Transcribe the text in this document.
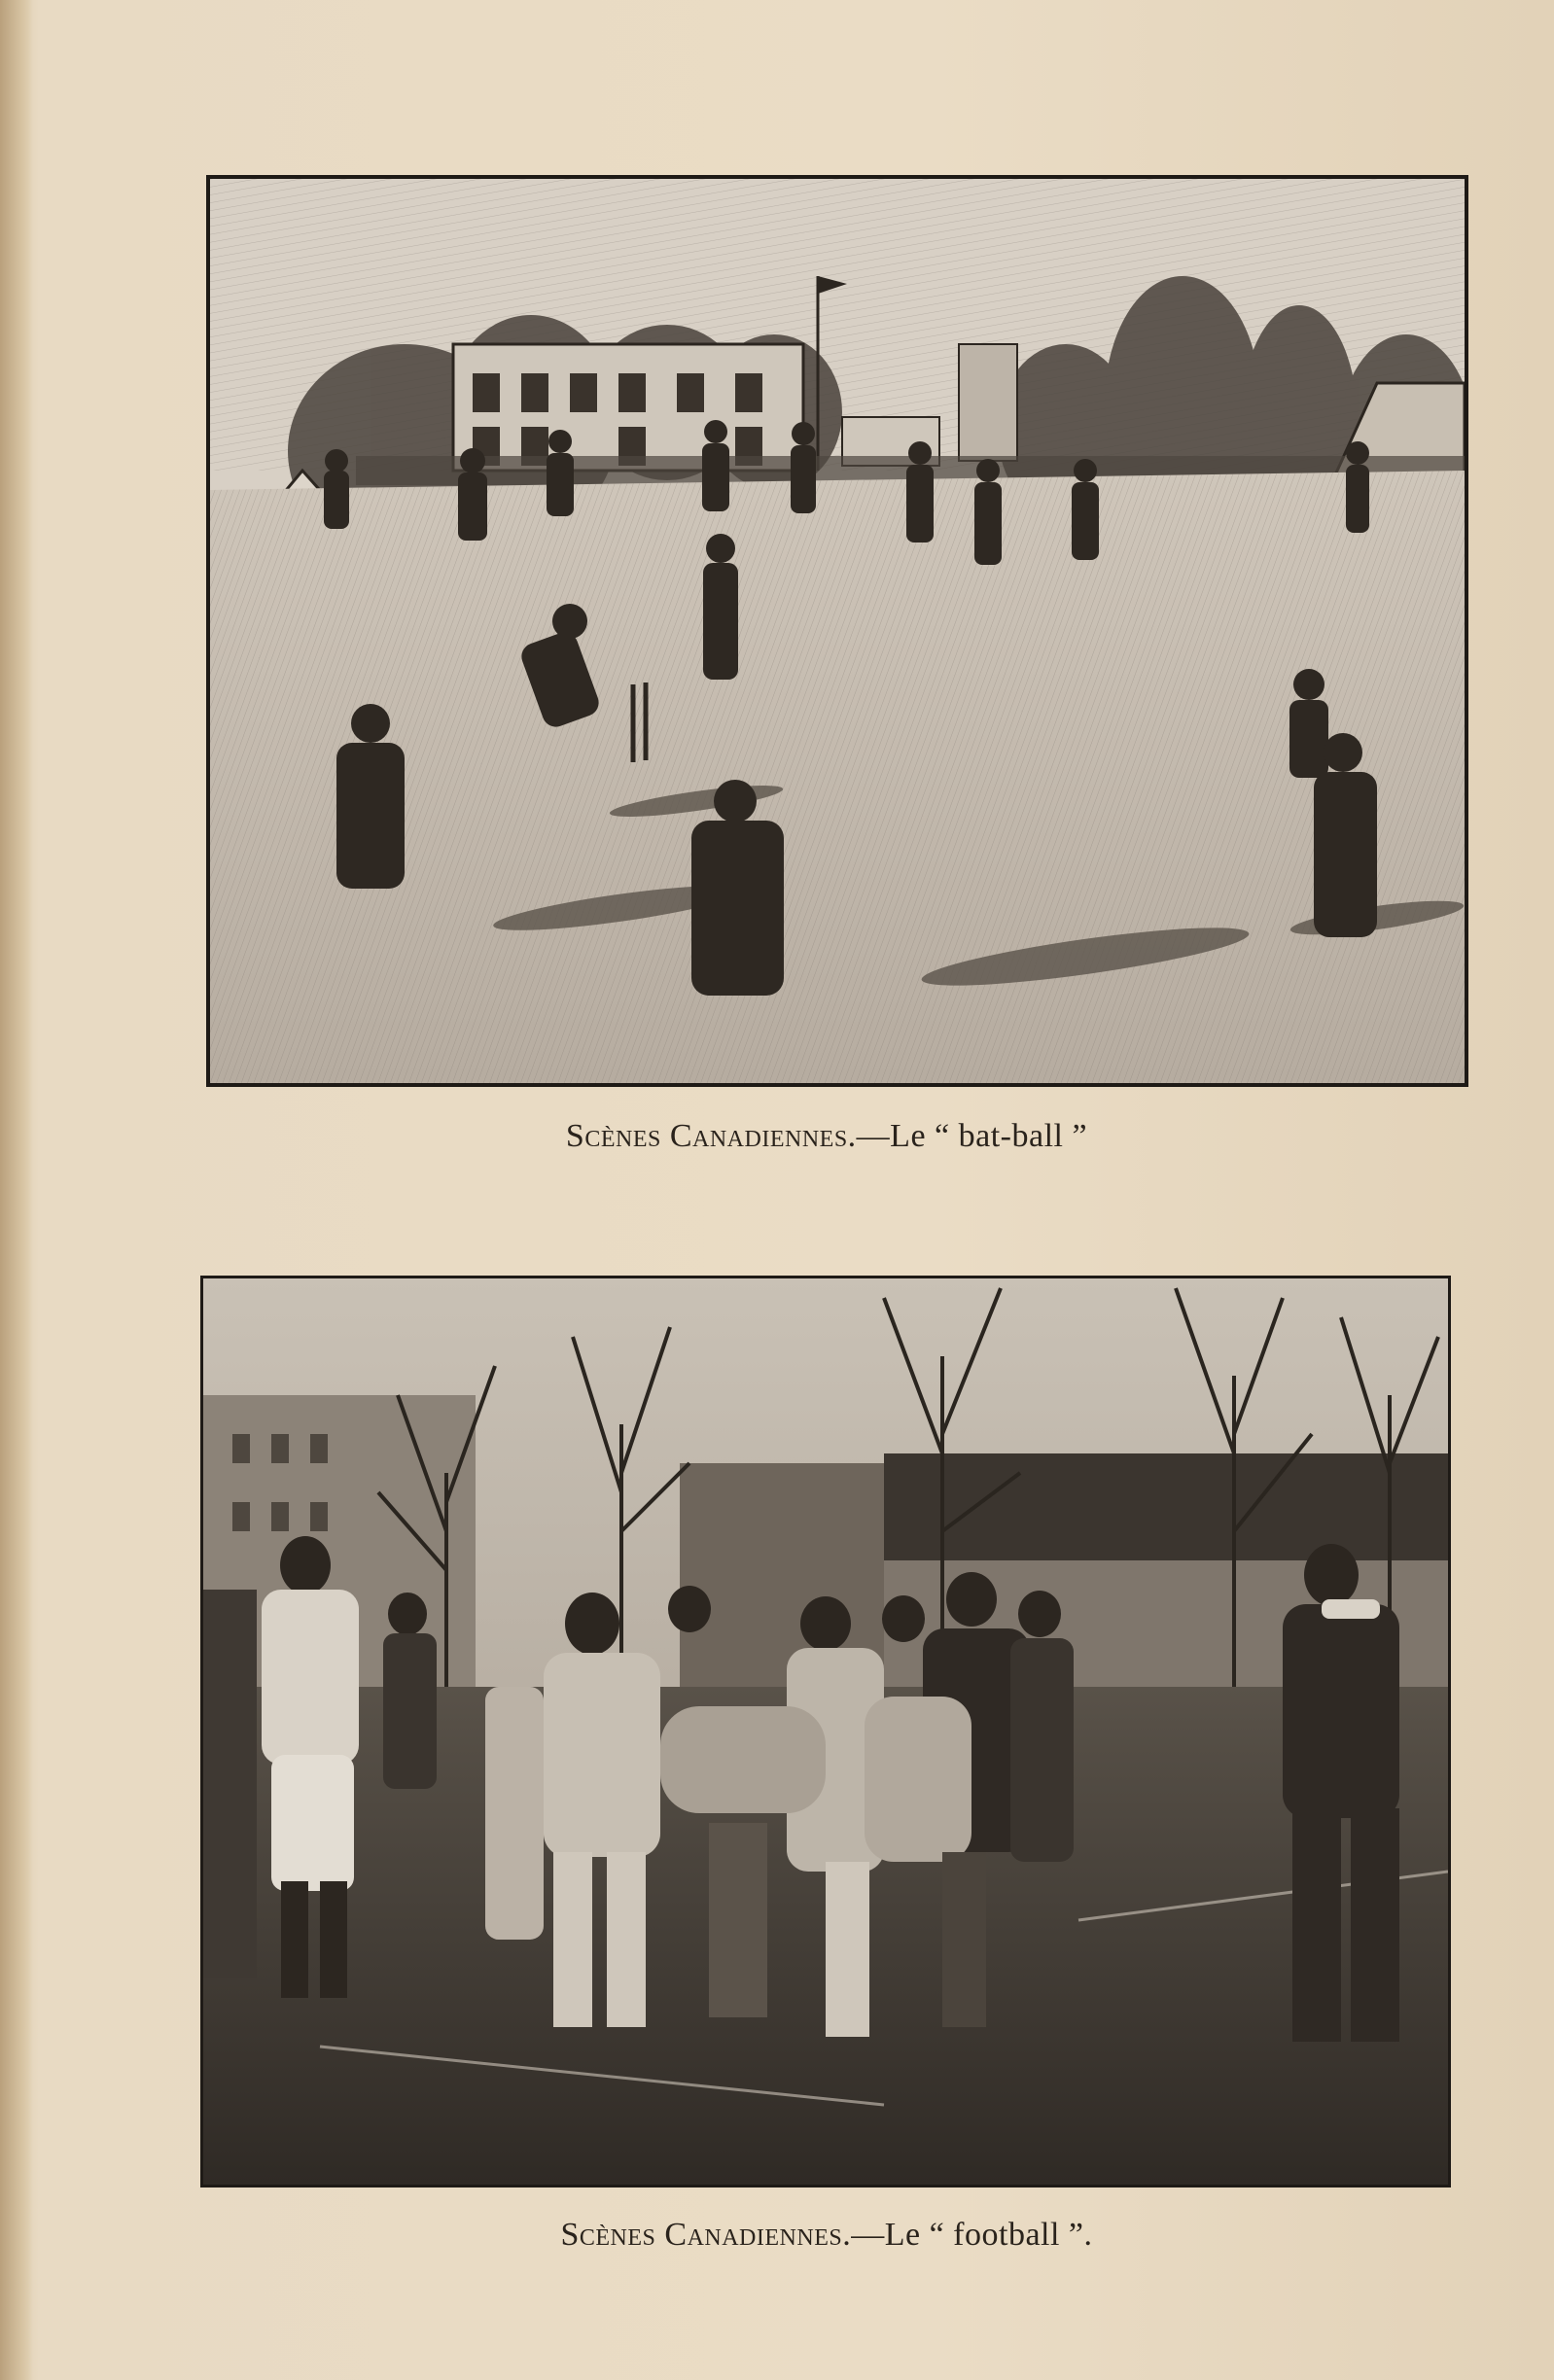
Scènes Canadiennes.—Le “ bat-ball ”
Scènes Canadiennes.—Le “ football ”.
